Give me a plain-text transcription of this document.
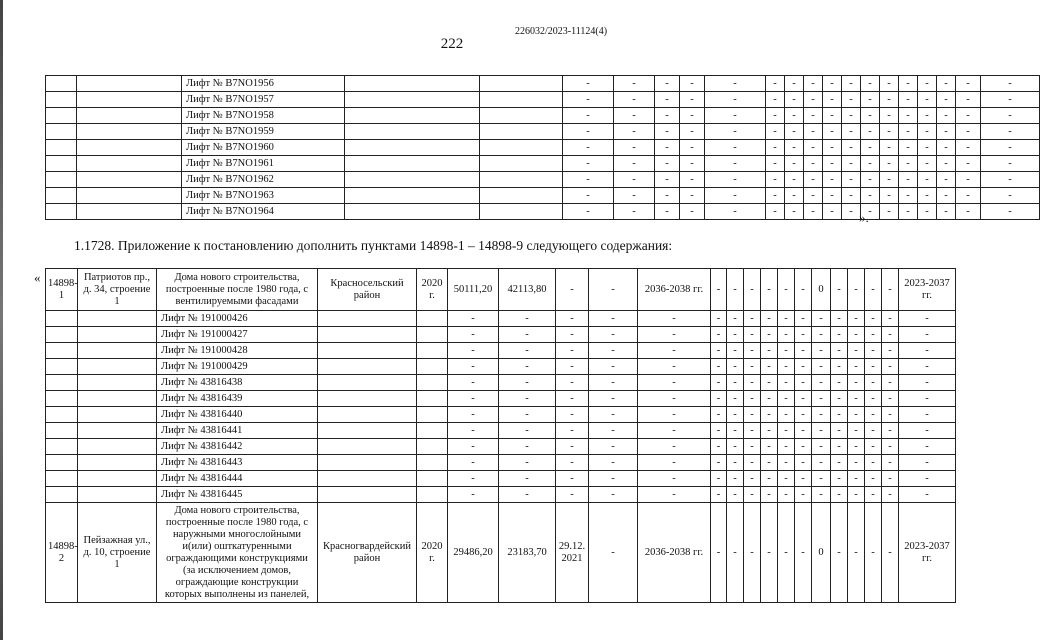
226032/2023-11124(4)
222
		Лифт № B7NO1956			-	-	-	-	-	-	-	-	-	-	-	-	-	-	-	-	-
		Лифт № B7NO1957			-	-	-	-	-	-	-	-	-	-	-	-	-	-	-	-	-
		Лифт № B7NO1958			-	-	-	-	-	-	-	-	-	-	-	-	-	-	-	-	-
		Лифт № B7NO1959			-	-	-	-	-	-	-	-	-	-	-	-	-	-	-	-	-
		Лифт № B7NO1960			-	-	-	-	-	-	-	-	-	-	-	-	-	-	-	-	-
		Лифт № B7NO1961			-	-	-	-	-	-	-	-	-	-	-	-	-	-	-	-	-
		Лифт № B7NO1962			-	-	-	-	-	-	-	-	-	-	-	-	-	-	-	-	-
		Лифт № B7NO1963			-	-	-	-	-	-	-	-	-	-	-	-	-	-	-	-	-
		Лифт № B7NO1964			-	-	-	-	-	-	-	-	-	-	-	-	-	-	-	-	-
».
1.1728. Приложение к постановлению дополнить пунктами 14898-1 – 14898-9 следующего содержания:
« 14898-1	Патриотов пр., д. 34, строение 1	Дома нового строительства, построенные после 1980 года, с вентилируемыми фасадами	Красносельский район	2020 г.	50111,20	42113,80	-	-	2036-2038 гг.	-	-	-	-	-	-	0	-	-	-	-	2023-2037 гг.
		Лифт № 191000426			-	-	-	-	-	-	-	-	-	-	-	-	-	-	-	-	-
		Лифт № 191000427			-	-	-	-	-	-	-	-	-	-	-	-	-	-	-	-	-
		Лифт № 191000428			-	-	-	-	-	-	-	-	-	-	-	-	-	-	-	-	-
		Лифт № 191000429			-	-	-	-	-	-	-	-	-	-	-	-	-	-	-	-	-
		Лифт № 43816438			-	-	-	-	-	-	-	-	-	-	-	-	-	-	-	-	-
		Лифт № 43816439			-	-	-	-	-	-	-	-	-	-	-	-	-	-	-	-	-
		Лифт № 43816440			-	-	-	-	-	-	-	-	-	-	-	-	-	-	-	-	-
		Лифт № 43816441			-	-	-	-	-	-	-	-	-	-	-	-	-	-	-	-	-
		Лифт № 43816442			-	-	-	-	-	-	-	-	-	-	-	-	-	-	-	-	-
		Лифт № 43816443			-	-	-	-	-	-	-	-	-	-	-	-	-	-	-	-	-
		Лифт № 43816444			-	-	-	-	-	-	-	-	-	-	-	-	-	-	-	-	-
		Лифт № 43816445			-	-	-	-	-	-	-	-	-	-	-	-	-	-	-	-	-
14898-2	Пейзажная ул., д. 10, строение 1	Дома нового строительства, построенные после 1980 года, с наружными многослойными и(или) ошткатуренными ограждающими конструкциями (за исключением домов, ограждающие конструкции которых выполнены из панелей,	Красногвардейский район	2020 г.	29486,20	23183,70	29.12. 2021	-	2036-2038 гг.	-	-	-	-	-	-	0	-	-	-	-	2023-2037 гг.
